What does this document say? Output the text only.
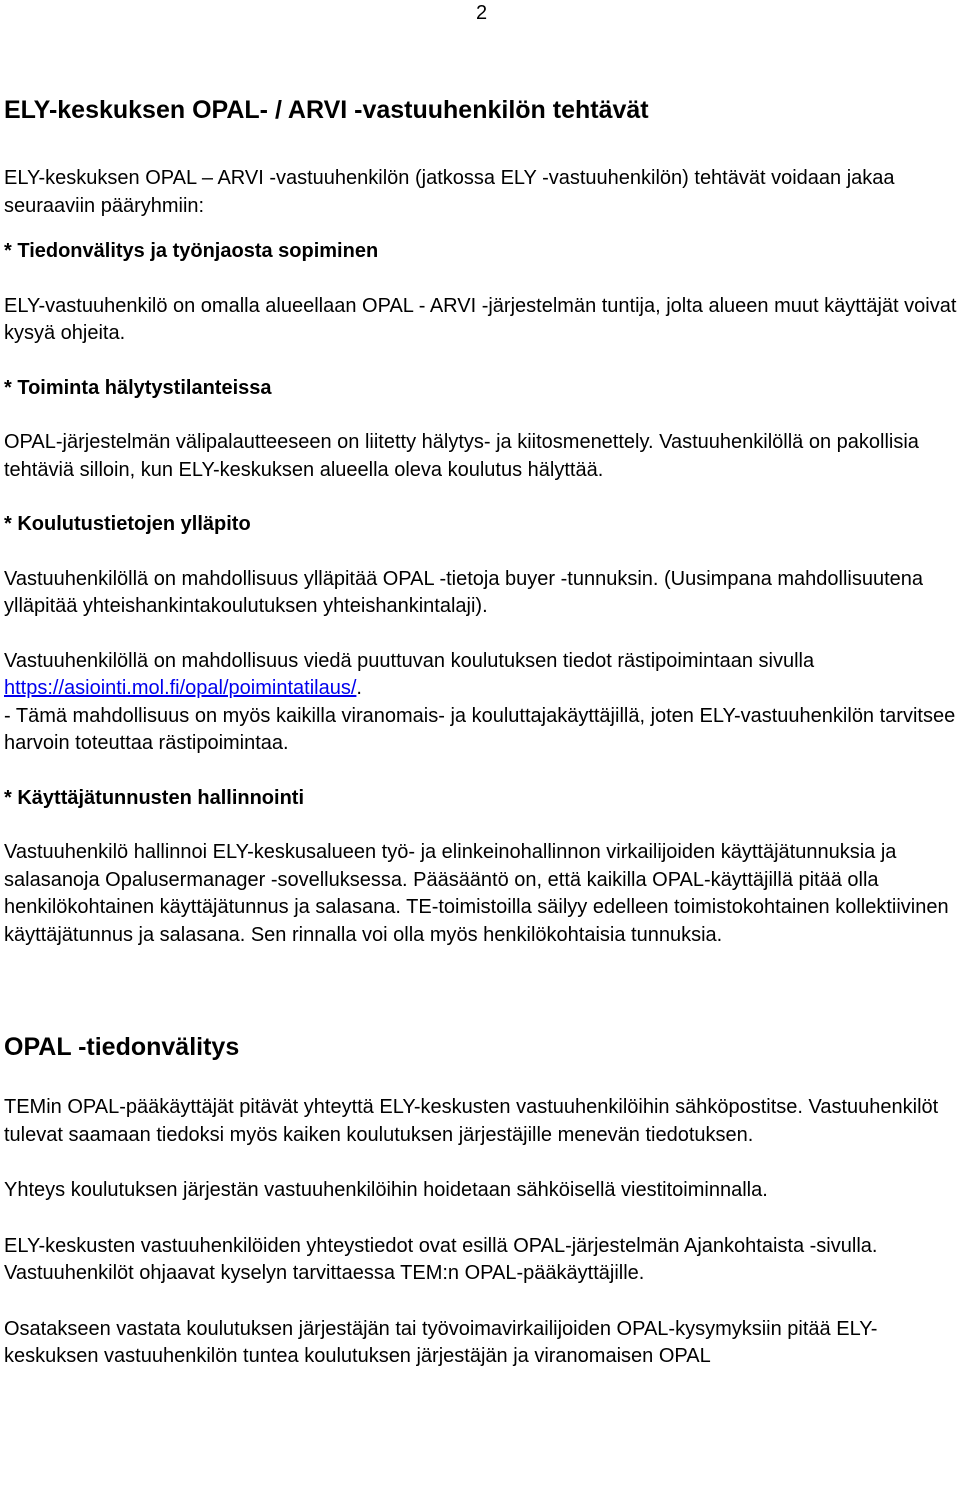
2
ELY-keskuksen OPAL- / ARVI -vastuuhenkilön tehtävät

ELY-keskuksen OPAL – ARVI -vastuuhenkilön (jatkossa ELY -vastuuhenkilön) tehtävät voidaan jakaa seuraaviin pääryhmiin:

* Tiedonvälitys ja työnjaosta sopiminen

ELY-vastuuhenkilö on omalla alueellaan OPAL - ARVI -järjestelmän tuntija, jolta alueen muut käyttäjät voivat kysyä ohjeita.

* Toiminta hälytystilanteissa

OPAL-järjestelmän välipalautteeseen on liitetty hälytys- ja kiitosmenettely. Vastuuhenkilöllä on pakollisia tehtäviä silloin, kun ELY-keskuksen alueella oleva koulutus hälyttää.

* Koulutustietojen ylläpito

Vastuuhenkilöllä on mahdollisuus ylläpitää OPAL -tietoja buyer -tunnuksin. (Uusimpana mahdollisuutena ylläpitää yhteishankintakoulutuksen yhteishankintalaji).

Vastuuhenkilöllä on mahdollisuus viedä puuttuvan koulutuksen tiedot rästipoimintaan sivulla https://asiointi.mol.fi/opal/poimintatilaus/.

- Tämä mahdollisuus on myös kaikilla viranomais- ja kouluttajakäyttäjillä, joten ELY-vastuuhenkilön tarvitsee harvoin toteuttaa rästipoimintaa.

* Käyttäjätunnusten hallinnointi

Vastuuhenkilö hallinnoi ELY-keskusalueen työ- ja elinkeinohallinnon virkailijoiden käyttäjätunnuksia ja salasanoja Opalusermanager -sovelluksessa. Pääsääntö on, että kaikilla OPAL-käyttäjillä pitää olla henkilökohtainen käyttäjätunnus ja salasana. TE-toimistoilla säilyy edelleen toimistokohtainen kollektiivinen käyttäjätunnus ja salasana. Sen rinnalla voi olla myös henkilökohtaisia tunnuksia.

OPAL -tiedonvälitys

TEMin OPAL-pääkäyttäjät pitävät yhteyttä ELY-keskusten vastuuhenkilöihin sähköpostitse. Vastuuhenkilöt tulevat saamaan tiedoksi myös kaiken koulutuksen järjestäjille menevän tiedotuksen.

Yhteys koulutuksen järjestän vastuuhenkilöihin hoidetaan sähköisellä viestitoiminnalla.

ELY-keskusten vastuuhenkilöiden yhteystiedot ovat esillä OPAL-järjestelmän Ajankohtaista -sivulla. Vastuuhenkilöt ohjaavat kyselyn tarvittaessa TEM:n OPAL-pääkäyttäjille.

Osatakseen vastata koulutuksen järjestäjän tai työvoimavirkailijoiden OPAL-kysymyksiin pitää ELY-keskuksen vastuuhenkilön tuntea koulutuksen järjestäjän ja viranomaisen OPAL
